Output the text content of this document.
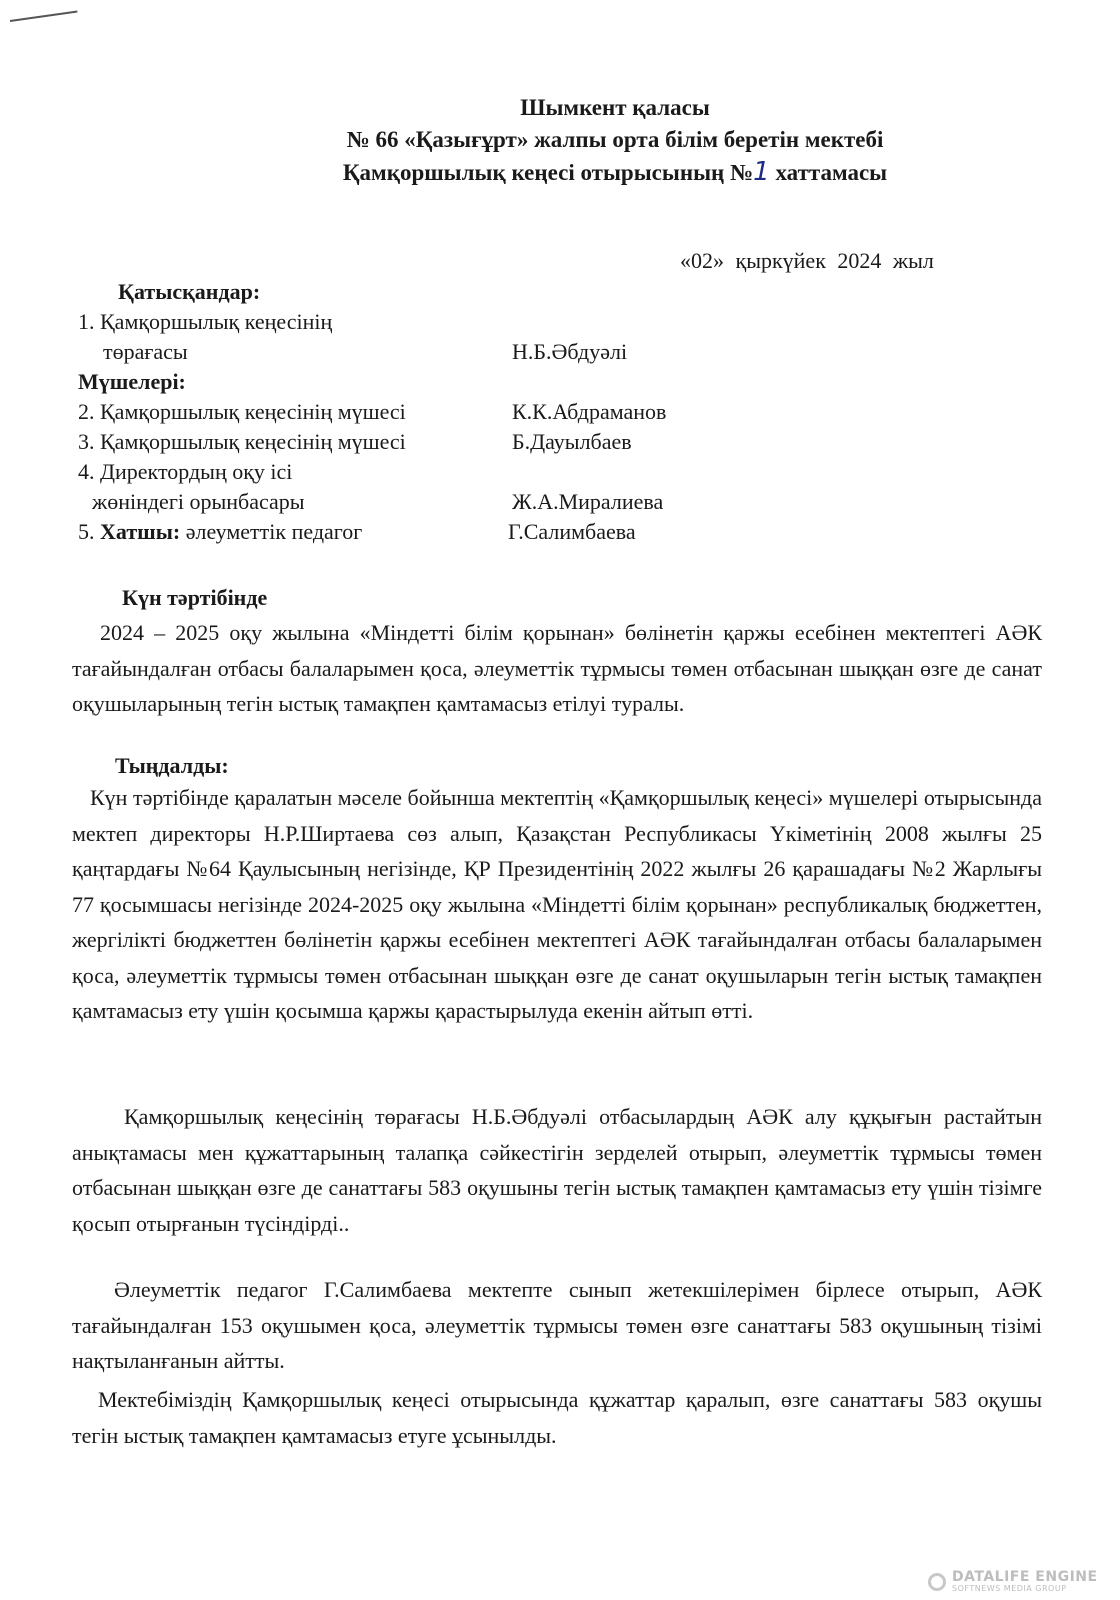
Шымкент қаласы
№ 66 «Қазығұрт» жалпы орта білім беретін мектебі
Қамқоршылық кеңесі отырысының №1 хаттамасы
«02» қыркүйек 2024 жыл
Қатысқандар:
1. Қамқоршылық кеңесінің
төрағасы	Н.Б.Әбдуәлі
Мүшелері:
2. Қамқоршылық кеңесінің мүшесі	К.К.Абдраманов
3. Қамқоршылық кеңесінің мүшесі	Б.Дауылбаев
4. Директордың оқу ісі
жөніндегі орынбасары	Ж.А.Миралиева
5. Хатшы: әлеуметтік педагог	Г.Салимбаева
Күн тәртібінде
2024 – 2025 оқу жылына «Міндетті білім қорынан» бөлінетін қаржы есебінен мектептегі АӘК тағайындалған отбасы балаларымен қоса, әлеуметтік тұрмысы төмен отбасынан шыққан өзге де санат оқушыларының тегін ыстық тамақпен қамтамасыз етілуі туралы.
Тыңдалды:
Күн тәртібінде қаралатын мәселе бойынша мектептің «Қамқоршылық кеңесі» мүшелері отырысында мектеп директоры Н.Р.Ширтаева сөз алып, Қазақстан Республикасы Үкіметінің 2008 жылғы 25 қаңтардағы №64 Қаулысының негізінде, ҚР Президентінің 2022 жылғы 26 қарашадағы №2 Жарлығы 77 қосымшасы негізінде 2024-2025 оқу жылына «Міндетті білім қорынан» республикалық бюджеттен, жергілікті бюджеттен бөлінетін қаржы есебінен мектептегі АӘК тағайындалған отбасы балаларымен қоса, әлеуметтік тұрмысы төмен отбасынан шыққан өзге де санат оқушыларын тегін ыстық тамақпен қамтамасыз ету үшін қосымша қаржы қарастырылуда екенін айтып өтті.
Қамқоршылық кеңесінің төрағасы Н.Б.Әбдуәлі отбасылардың АӘК алу құқығын растайтын анықтамасы мен құжаттарының талапқа сәйкестігін зерделей отырып, әлеуметтік тұрмысы төмен отбасынан шыққан өзге де санаттағы 583 оқушыны тегін ыстық тамақпен қамтамасыз ету үшін тізімге қосып отырғанын түсіндірді..
Әлеуметтік педагог Г.Салимбаева мектепте сынып жетекшілерімен бірлесе отырып, АӘК тағайындалған 153 оқушымен қоса, әлеуметтік тұрмысы төмен өзге санаттағы 583 оқушының тізімі нақтыланғанын айтты.
Мектебіміздің Қамқоршылық кеңесі отырысында құжаттар қаралып, өзге санаттағы 583 оқушы тегін ыстық тамақпен қамтамасыз етуге ұсынылды.
DATALIFE ENGINE
SOFTNEWS MEDIA GROUP
